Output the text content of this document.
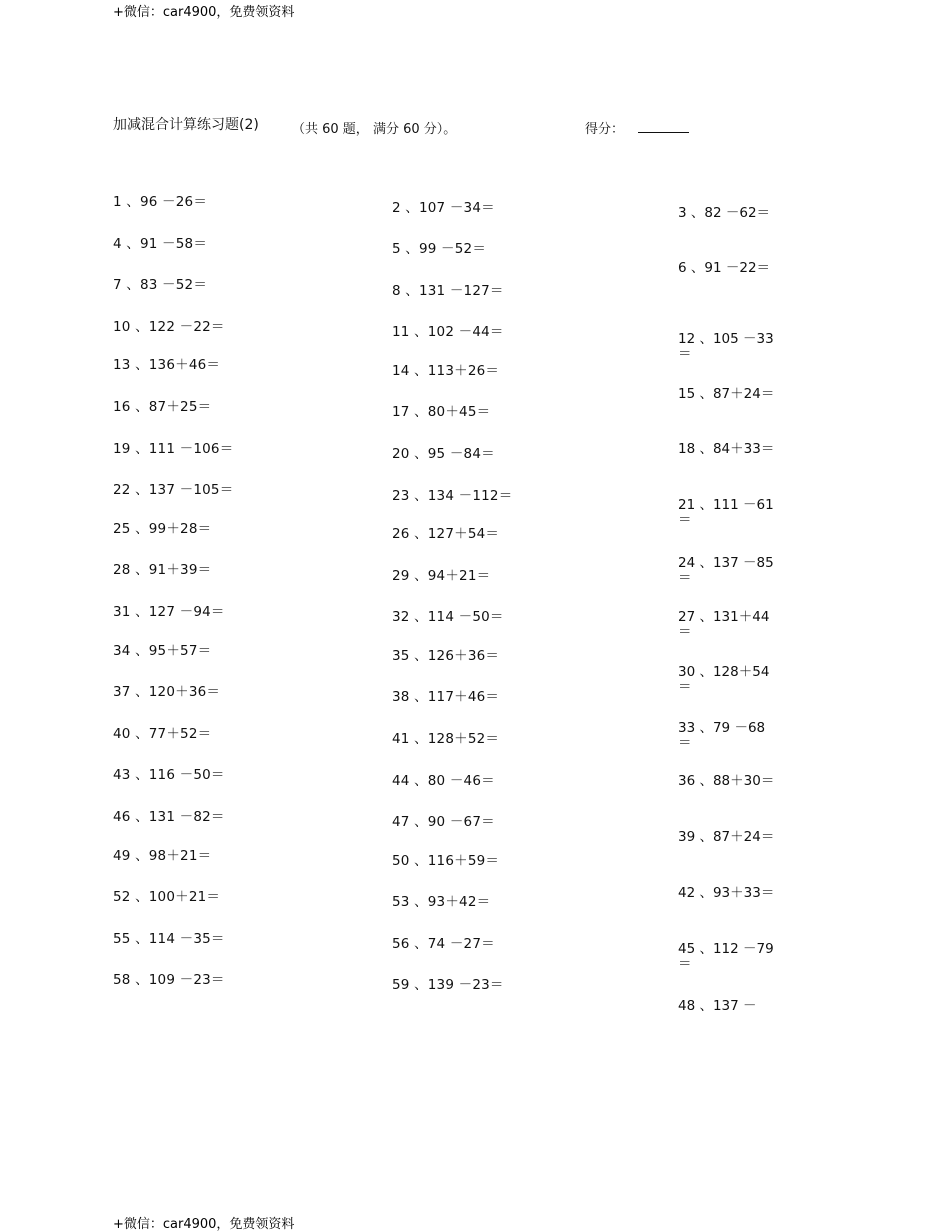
+微信：car4900，免费领资料
加减混合计算练习题(2)	（共 60 题， 满分 60 分）。	得分：
1 、96 －26＝
4 、91 －58＝
7 、83 －52＝
10 、122 －22＝
13 、136＋46＝
16 、87＋25＝
19 、111 －106＝
22 、137 －105＝
25 、99＋28＝
28 、91＋39＝
31 、127 －94＝
34 、95＋57＝
37 、120＋36＝
40 、77＋52＝
43 、116 －50＝
46 、131 －82＝
49 、98＋21＝
52 、100＋21＝
55 、114 －35＝
58 、109 －23＝
2 、107 －34＝
5 、99 －52＝
8 、131 －127＝
11 、102 －44＝
14 、113＋26＝
17 、80＋45＝
20 、95 －84＝
23 、134 －112＝
26 、127＋54＝
29 、94＋21＝
32 、114 －50＝
35 、126＋36＝
38 、117＋46＝
41 、128＋52＝
44 、80 －46＝
47 、90 －67＝
50 、116＋59＝
53 、93＋42＝
56 、74 －27＝
59 、139 －23＝
3 、82 －62＝
6 、91 －22＝
12 、105 －33＝
15 、87＋24＝
18 、84＋33＝
21 、111 －61＝
24 、137 －85＝
27 、131＋44＝
30 、128＋54＝
33 、79 －68＝
36 、88＋30＝
39 、87＋24＝
42 、93＋33＝
45 、112 －79＝
48 、137 －
+微信：car4900，免费领资料
